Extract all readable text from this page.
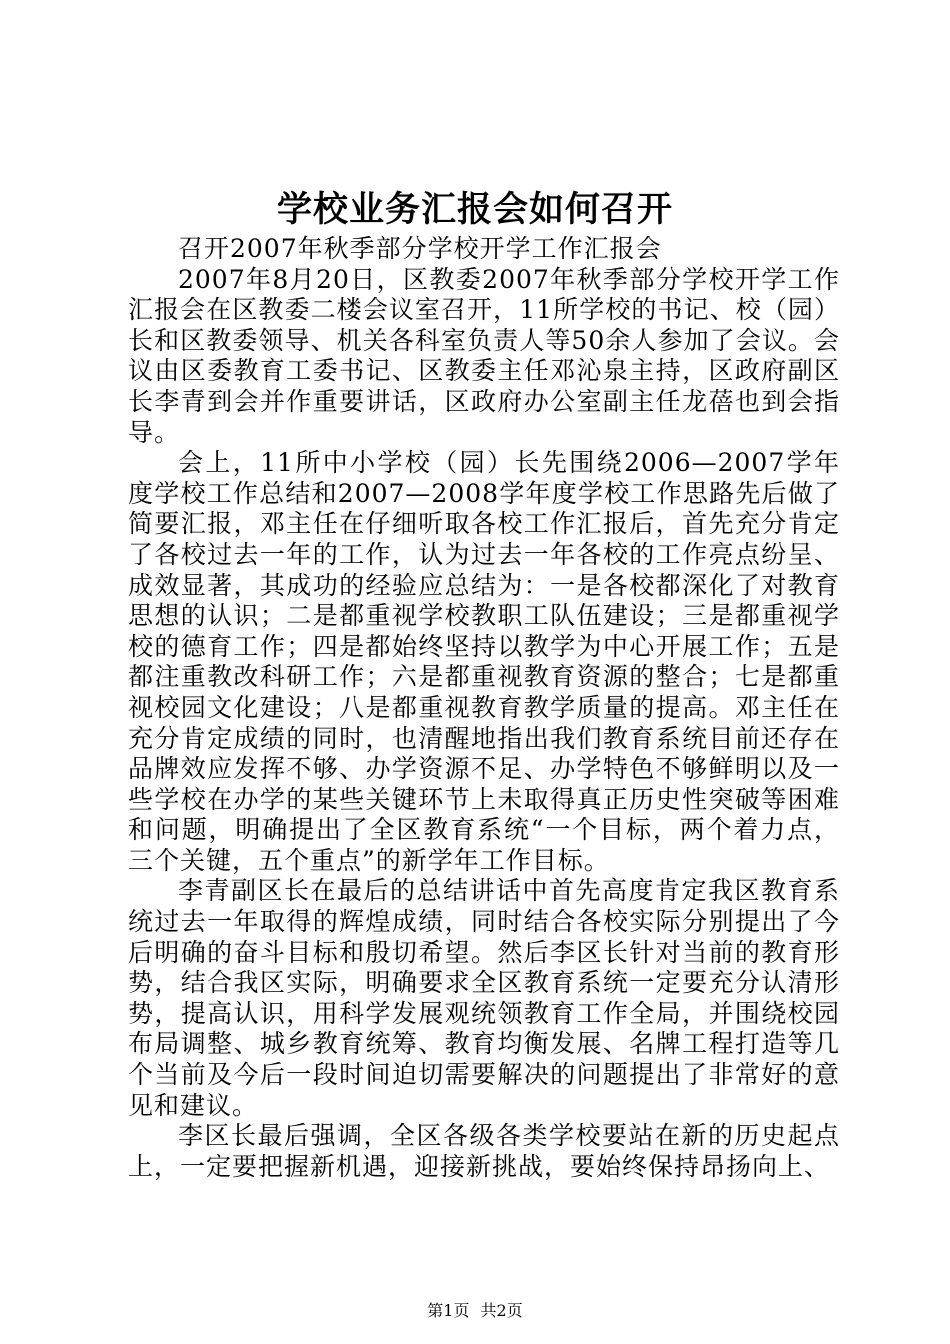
学校业务汇报会如何召开

召开2007年秋季部分学校开学工作汇报会

2007年8月20日，区教委2007年秋季部分学校开学工作汇报会在区教委二楼会议室召开，11所学校的书记、校（园）长和区教委领导、机关各科室负责人等50余人参加了会议。会议由区委教育工委书记、区教委主任邓沁泉主持，区政府副区长李青到会并作重要讲话，区政府办公室副主任龙蓓也到会指导。

会上，11所中小学校（园）长先围绕2006—2007学年度学校工作总结和2007—2008学年度学校工作思路先后做了简要汇报，邓主任在仔细听取各校工作汇报后，首先充分肯定了各校过去一年的工作，认为过去一年各校的工作亮点纷呈、成效显著，其成功的经验应总结为：一是各校都深化了对教育思想的认识；二是都重视学校教职工队伍建设；三是都重视学校的德育工作；四是都始终坚持以教学为中心开展工作；五是都注重教改科研工作；六是都重视教育资源的整合；七是都重视校园文化建设；八是都重视教育教学质量的提高。邓主任在充分肯定成绩的同时，也清醒地指出我们教育系统目前还存在品牌效应发挥不够、办学资源不足、办学特色不够鲜明以及一些学校在办学的某些关键环节上未取得真正历史性突破等困难和问题，明确提出了全区教育系统“一个目标，两个着力点，三个关键，五个重点”的新学年工作目标。

李青副区长在最后的总结讲话中首先高度肯定我区教育系统过去一年取得的辉煌成绩，同时结合各校实际分别提出了今后明确的奋斗目标和殷切希望。然后李区长针对当前的教育形势，结合我区实际，明确要求全区教育系统一定要充分认清形势，提高认识，用科学发展观统领教育工作全局，并围绕校园布局调整、城乡教育统筹、教育均衡发展、名牌工程打造等几个当前及今后一段时间迫切需要解决的问题提出了非常好的意见和建议。

李区长最后强调，全区各级各类学校要站在新的历史起点上，一定要把握新机遇，迎接新挑战，要始终保持昂扬向上、

第1页 共2页
